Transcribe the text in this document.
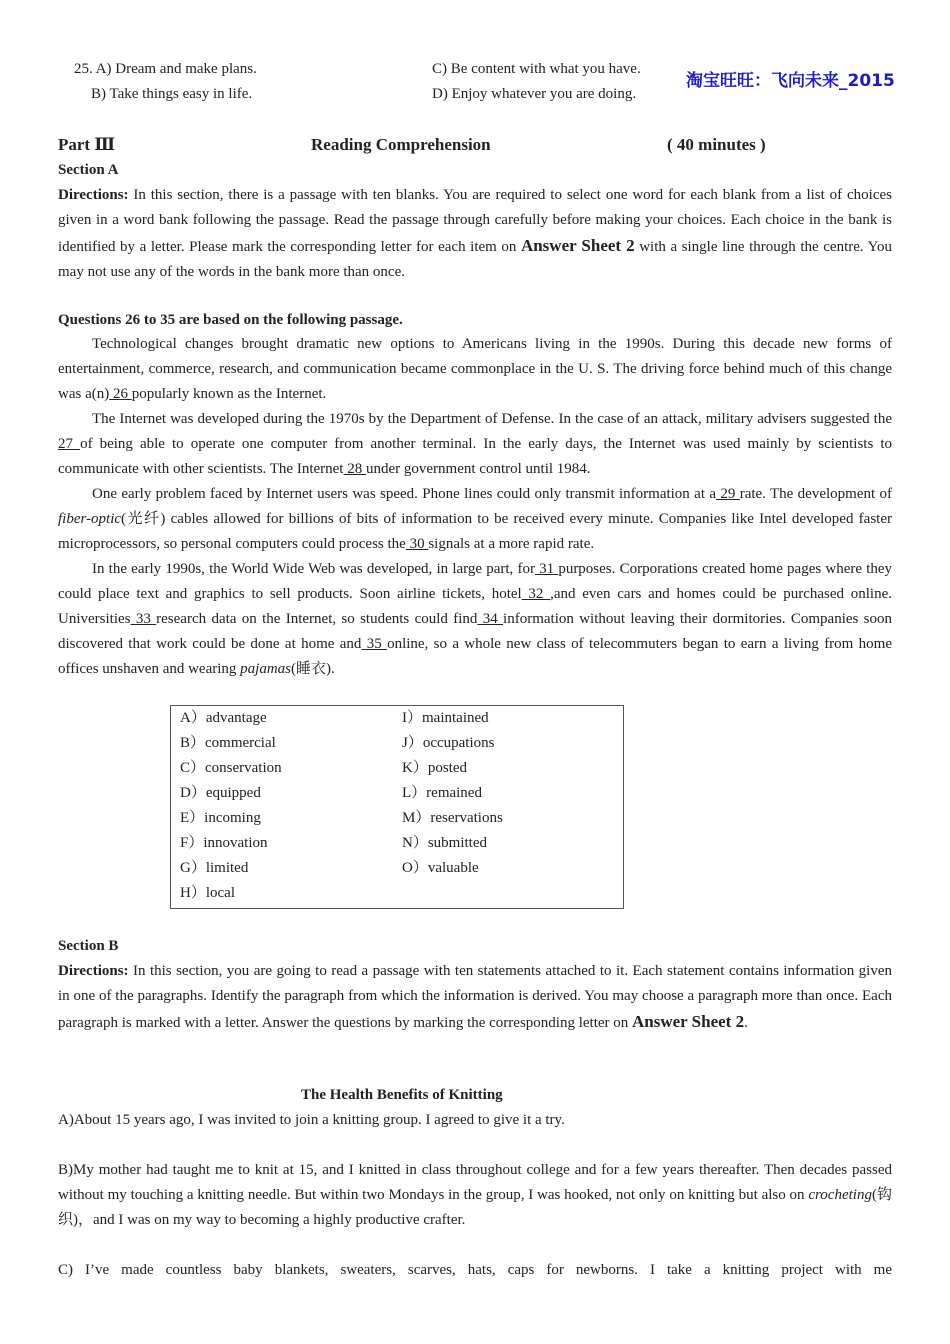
25. A) Dream and make plans.
B) Take things easy in life.
C) Be content with what you have.
D) Enjoy whatever you are doing.
淘宝旺旺：飞向未来_2015
Part Ⅲ	Reading Comprehension	( 40 minutes )
Section A
Directions: In this section, there is a passage with ten blanks. You are required to select one word for each blank from a list of choices given in a word bank following the passage. Read the passage through carefully before making your choices. Each choice in the bank is identified by a letter. Please mark the corresponding letter for each item on Answer Sheet 2 with a single line through the centre. You may not use any of the words in the bank more than once.
Questions 26 to 35 are based on the following passage.
Technological changes brought dramatic new options to Americans living in the 1990s. During this decade new forms of entertainment, commerce, research, and communication became commonplace in the U. S. The driving force behind much of this change was a(n) 26 popularly known as the Internet.
The Internet was developed during the 1970s by the Department of Defense. In the case of an attack, military advisers suggested the 27 of being able to operate one computer from another terminal. In the early days, the Internet was used mainly by scientists to communicate with other scientists. The Internet 28 under government control until 1984.
One early problem faced by Internet users was speed. Phone lines could only transmit information at a 29 rate. The development of fiber-optic(光纤) cables allowed for billions of bits of information to be received every minute. Companies like Intel developed faster microprocessors, so personal computers could process the 30 signals at a more rapid rate.
In the early 1990s, the World Wide Web was developed, in large part, for 31 purposes. Corporations created home pages where they could place text and graphics to sell products. Soon airline tickets, hotel 32 ,and even cars and homes could be purchased online. Universities 33 research data on the Internet, so students could find 34 information without leaving their dormitories. Companies soon discovered that work could be done at home and 35 online, so a whole new class of telecommuters began to earn a living from home offices unshaven and wearing pajamas(睡衣).
A）advantage
B）commercial
C）conservation
D）equipped
E）incoming
F）innovation
G）limited
H）local
I）maintained
J）occupations
K）posted
L）remained
M）reservations
N）submitted
O）valuable
Section B
Directions: In this section, you are going to read a passage with ten statements attached to it. Each statement contains information given in one of the paragraphs. Identify the paragraph from which the information is derived. You may choose a paragraph more than once. Each paragraph is marked with a letter. Answer the questions by marking the corresponding letter on Answer Sheet 2.
The Health Benefits of Knitting
A)About 15 years ago, I was invited to join a knitting group. I agreed to give it a try.
B)My mother had taught me to knit at 15, and I knitted in class throughout college and for a few years thereafter. Then decades passed without my touching a knitting needle. But within two Mondays in the group, I was hooked, not only on knitting but also on crocheting(钩织)，and I was on my way to becoming a highly productive crafter.
C) I’ve made countless baby blankets, sweaters, scarves, hats, caps for newborns. I take a knitting project with me
